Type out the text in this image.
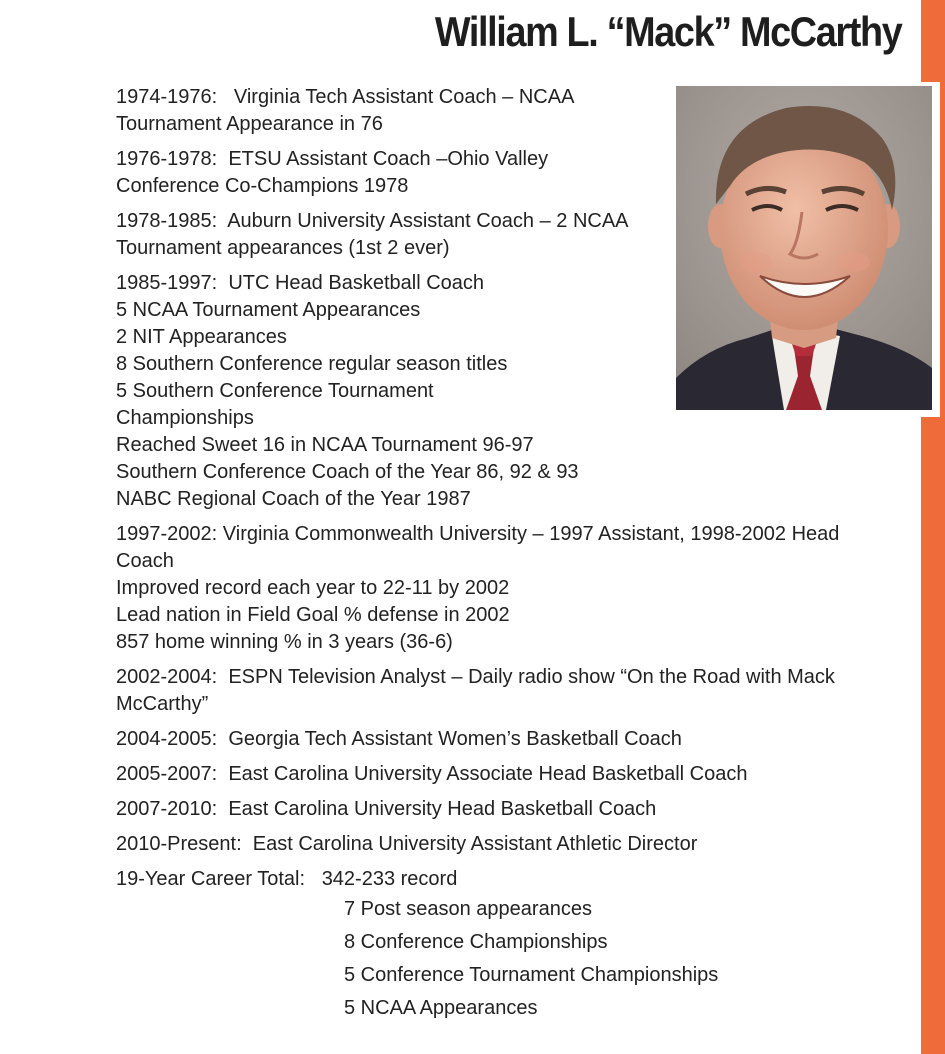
William L. “Mack” McCarthy

1974-1976: Virginia Tech Assistant Coach – NCAA Tournament Appearance in 76

1976-1978: ETSU Assistant Coach –Ohio Valley Conference Co-Champions 1978

1978-1985: Auburn University Assistant Coach – 2 NCAA Tournament appearances (1st 2 ever)

1985-1997: UTC Head Basketball Coach

5 NCAA Tournament Appearances

2 NIT Appearances

8 Southern Conference regular season titles

5 Southern Conference Tournament

Championships

Reached Sweet 16 in NCAA Tournament 96-97

Southern Conference Coach of the Year 86, 92 & 93

NABC Regional Coach of the Year 1987

1997-2002: Virginia Commonwealth University – 1997 Assistant, 1998-2002 Head Coach

Improved record each year to 22-11 by 2002

Lead nation in Field Goal % defense in 2002

857 home winning % in 3 years (36-6)

2002-2004: ESPN Television Analyst – Daily radio show “On the Road with Mack McCarthy”

2004-2005: Georgia Tech Assistant Women’s Basketball Coach

2005-2007: East Carolina University Associate Head Basketball Coach

2007-2010: East Carolina University Head Basketball Coach

2010-Present: East Carolina University Assistant Athletic Director

19-Year Career Total: 342-233 record

7 Post season appearances

8 Conference Championships

5 Conference Tournament Championships

5 NCAA Appearances
